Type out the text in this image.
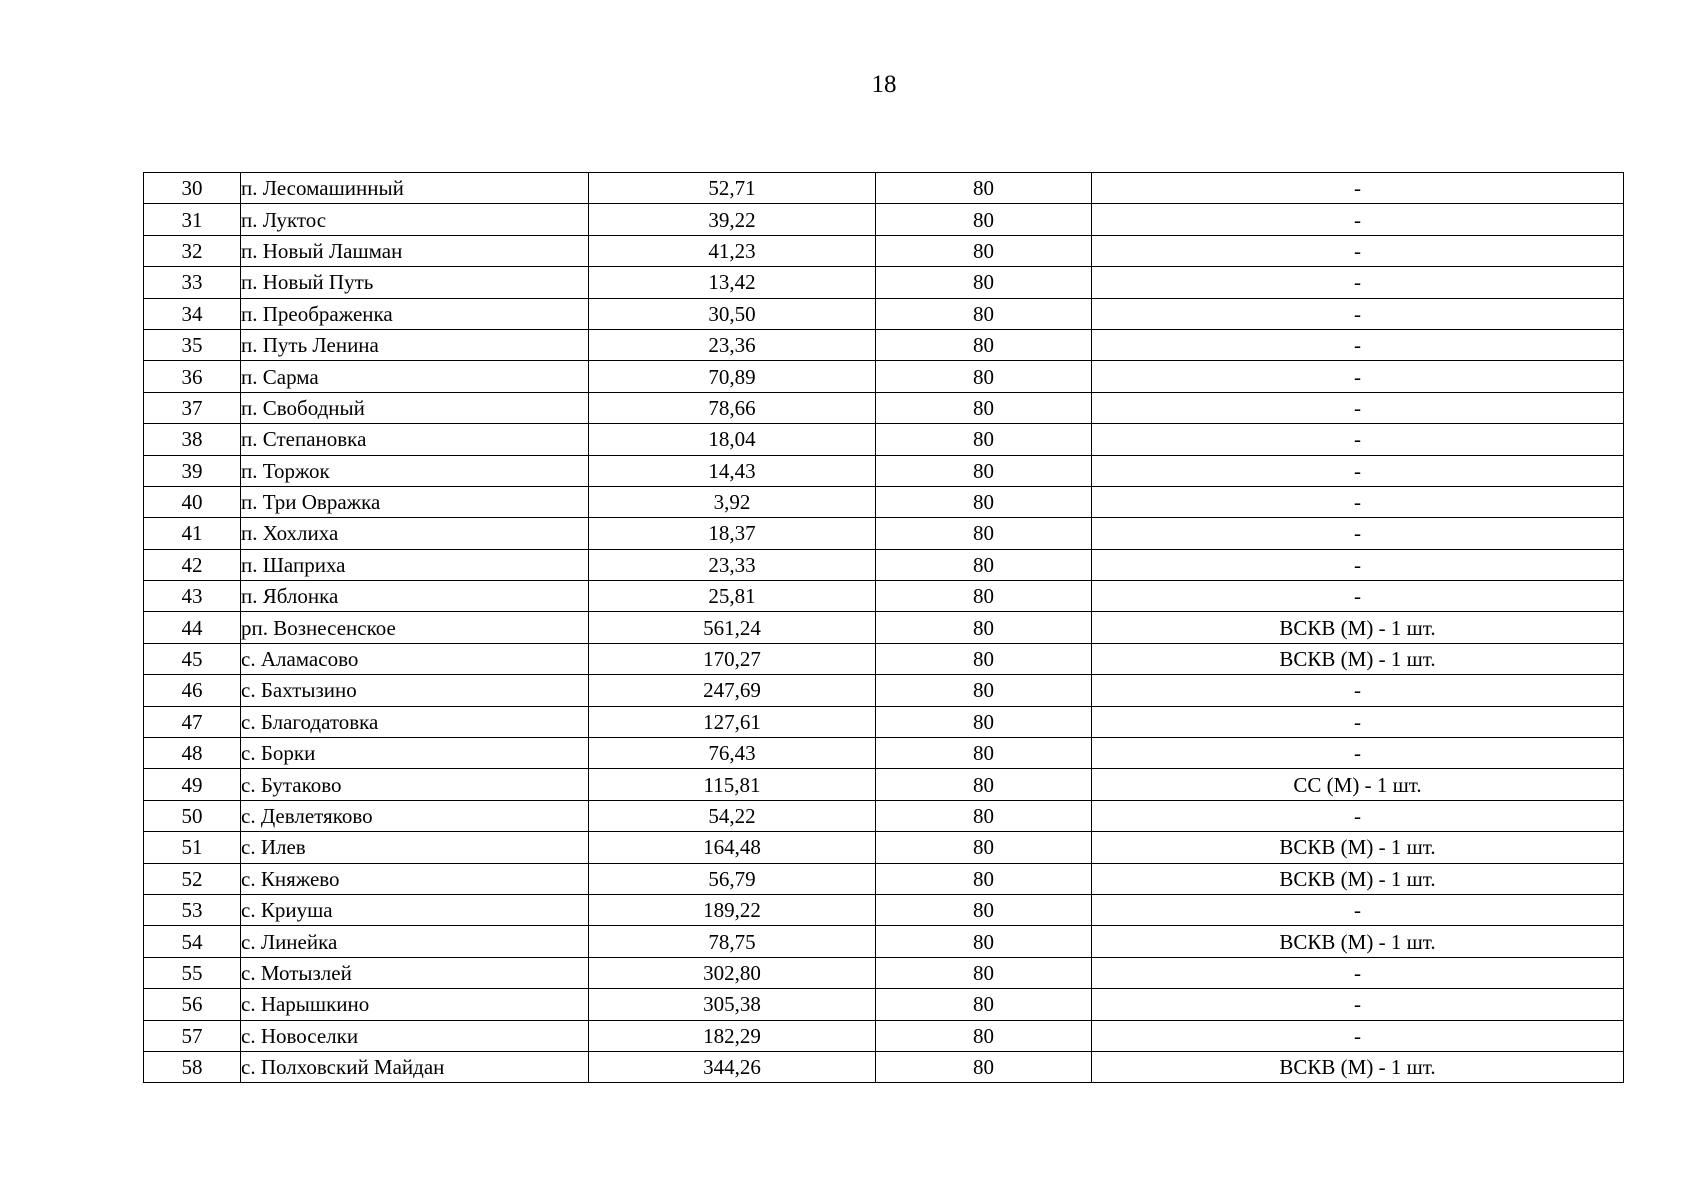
18
30	п. Лесомашинный	52,71	80	-
31	п. Луктос	39,22	80	-
32	п. Новый Лашман	41,23	80	-
33	п. Новый Путь	13,42	80	-
34	п. Преображенка	30,50	80	-
35	п. Путь Ленина	23,36	80	-
36	п. Сарма	70,89	80	-
37	п. Свободный	78,66	80	-
38	п. Степановка	18,04	80	-
39	п. Торжок	14,43	80	-
40	п. Три Овражка	3,92	80	-
41	п. Хохлиха	18,37	80	-
42	п. Шаприха	23,33	80	-
43	п. Яблонка	25,81	80	-
44	рп. Вознесенское	561,24	80	ВСКВ (М) - 1 шт.
45	с. Аламасово	170,27	80	ВСКВ (М) - 1 шт.
46	с. Бахтызино	247,69	80	-
47	с. Благодатовка	127,61	80	-
48	с. Борки	76,43	80	-
49	с. Бутаково	115,81	80	СС (М) - 1 шт.
50	с. Девлетяково	54,22	80	-
51	с. Илев	164,48	80	ВСКВ (М) - 1 шт.
52	с. Княжево	56,79	80	ВСКВ (М) - 1 шт.
53	с. Криуша	189,22	80	-
54	с. Линейка	78,75	80	ВСКВ (М) - 1 шт.
55	с. Мотызлей	302,80	80	-
56	с. Нарышкино	305,38	80	-
57	с. Новоселки	182,29	80	-
58	с. Полховский Майдан	344,26	80	ВСКВ (М) - 1 шт.
